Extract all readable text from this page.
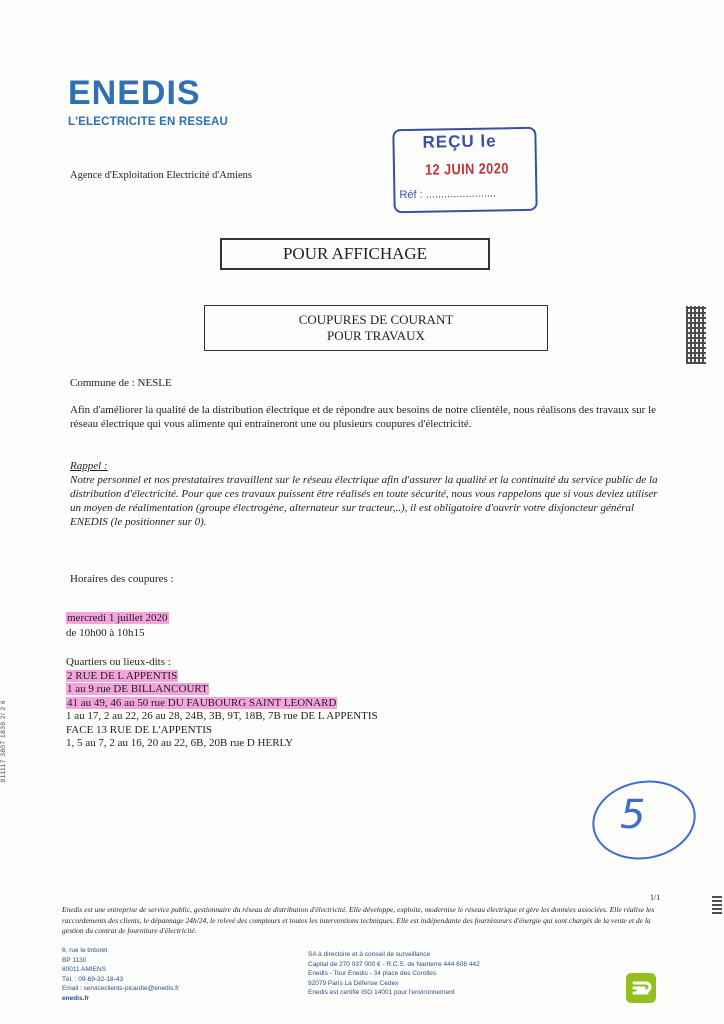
ENEDIS
L'ELECTRICITE EN RESEAU
Agence d'Exploitation Electricité d'Amiens
REÇU le
12 JUIN 2020
Réf : .......................
POUR AFFICHAGE
COUPURES DE COURANT
POUR TRAVAUX
Commune de : NESLE
Afin d'améliorer la qualité de la distribution électrique et de répondre aux besoins de notre clientèle, nous réalisons des travaux sur le réseau électrique qui vous alimente qui entraineront une ou plusieurs coupures d'électricité.
Rappel :
Notre personnel et nos prestataires travaillent sur le réseau électrique afin d'assurer la qualité et la continuité du service public de la distribution d'électricité. Pour que ces travaux puissent être réalisés en toute sécurité, nous vous rappelons que si vous deviez utiliser un moyen de réalimentation (groupe électrogène, alternateur sur tracteur,..), il est obligatoire d'ouvrir votre disjoncteur général ENEDIS (le positionner sur 0).
Horaires des coupures :
mercredi 1 juillet 2020
de 10h00 à 10h15
Quartiers ou lieux-dits :
2 RUE DE L APPENTIS
1 au 9 rue DE BILLANCOURT
41 au 49, 46 au 50 rue DU FAUBOURG SAINT LEONARD
1 au 17, 2 au 22, 26 au 28, 24B, 3B, 9T, 18B, 7B rue DE L APPENTIS
FACE 13 RUE DE L'APPENTIS
1, 5 au 7, 2 au 16, 20 au 22, 6B, 20B rue D HERLY
911117 3807 1839 2/ 2 6
5
1/1
Enedis est une entreprise de service public, gestionnaire du réseau de distribution d'électricité. Elle développe, exploite, modernise le réseau électrique et gère les données associées. Elle réalise les raccordements des clients, le dépannage 24h/24, le relevé des compteurs et toutes les interventions techniques. Elle est indépendante des fournisseurs d'énergie qui sont chargés de la vente et de la gestion du contrat de fourniture d'électricité.
6, rue le tintoret
BP 1130
80011 AMIENS
Tél. : 09-69-32-18-43
Email : serviceclients-picardie@enedis.fr
enedis.fr
SA à directoire et à conseil de surveillance
Capital de 270 037 000 € - R.C.S. de Nanterre 444 608 442
Enedis - Tour Enedis - 34 place des Corolles
92079 Paris La Défense Cedex
Enedis est certifié ISO 14001 pour l'environnement
